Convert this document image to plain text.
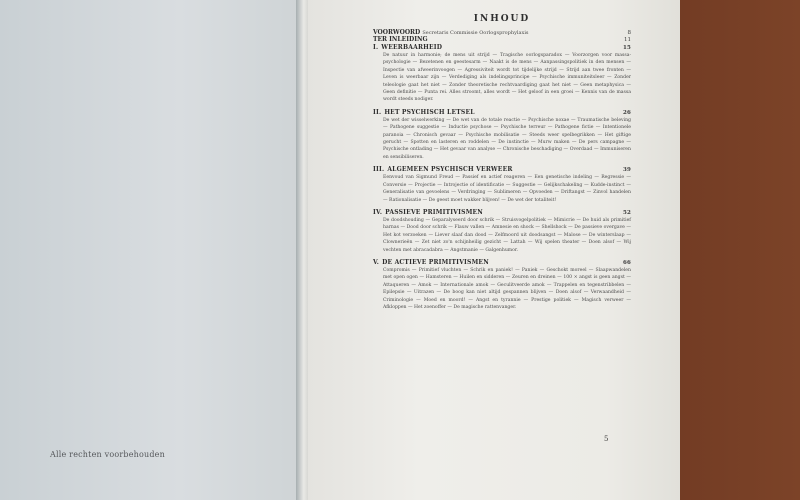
Alle rechten voorbehouden
INHOUD
VOORWOORD Secretaris Commissie Oorlogsprophylaxis	8
TER INLEIDING	11
I. WEERBAARHEID	15
De natuur in harmonie; de mens uit strijd — Tragische oorlogsparadox — Voorzorgen voor massa-psychologie — Bezetenen en geestesarm — Naakt is de mens — Aanpassingspolitiek in den mensen — Inspectie van afweerinvoogen — Agressiviteit wordt tot tijdelijke strijd — Strijd aan twee fronten — Leven is weerbaar zijn — Verdediging als indelingsprincipe — Psychische immuniteitsleer — Zonder teleologie gaat het niet — Zonder theoretische rechtvaardiging gaat het niet — Geen metaphysica — Geen definitie — Punta rei. Alles stroomt, alles wordt — Het geloof in een groei — Kennis van de massa wordt steeds nodiger.
II. HET PSYCHISCH LETSEL	26
De wet der wisselwerking — De wet van de totale reactie — Psychische noxae — Traumatische beleving — Pathogene suggestie — Inductie psychose — Psychische terreur — Pathogene fictie — Intentionele paranoia — Chronisch gevaar — Psychische mobilisatie — Steeds weer spelbegrikken — Het giftige gerucht — Spotten en lasteren en roddelen — De instinctie — Murw maken — De pers campagne — Psychische ontlading — Het gevaar van analyse — Chronische beschadiging — Overdaad — Immuniseren en sensibiliseren.
III. ALGEMEEN PSYCHISCH VERWEER	39
Eenvoud van Sigmund Freud — Passief en actief reageren — Een genetische indeling — Regressie — Conversie — Projectie — Introjectie of identificatie — Suggestie — Gelijkschakeling — Kudde-instinct — Generalisatie van gevoelens — Verdringing — Sublimeren — Opvoeden — Driftangst — Zinvol handelen — Rationalisatie — De geest moet wakker blijven! — De wet der totaliteit!
IV. PASSIEVE PRIMITIVISMEN	52
De doodshouding — Geparalyseerd door schrik — Struisvogelpolitiek — Mimicrie — De huid als primitief harnas — Dood door schrik — Flauw vallen — Amnesie en shock — Shellshock — De passieve overgave — Het kot verzoeken — Liever slaaf dan dood — Zelfmoord uit doodsangst — Malose — De winterslaap — Clownerieën — Zet niet zo'n schijnheilig gezicht — Lattah — Wij spelen theater — Doen alsof — Wij vechten met abracadabra — Angstmanie — Galgenhumor.
V. DE ACTIEVE PRIMITIVISMEN	66
Compromis — Primitief vluchten — Schrik en paniek! — Paniek — Geschokt moreel — Slaapwandelen met open ogen — Hamsteren — Huilen en sidderen — Zeuren en dreinen — 100 × angst is geen angst — Attaqueren — Amok — Internationale amok — Geculitveerde amok — Trappelen en tegenstribbelen — Epilepsie — Uitrazen — De boog kan niet altijd gespannen blijven — Doen alsof — Verwaandheid — Criminologie — Moed en moord! — Angst en tyrannie — Prestige politiek — Magisch verweer — Afkloppen — Het zoenoffer — De magische rattenvanger.
5
